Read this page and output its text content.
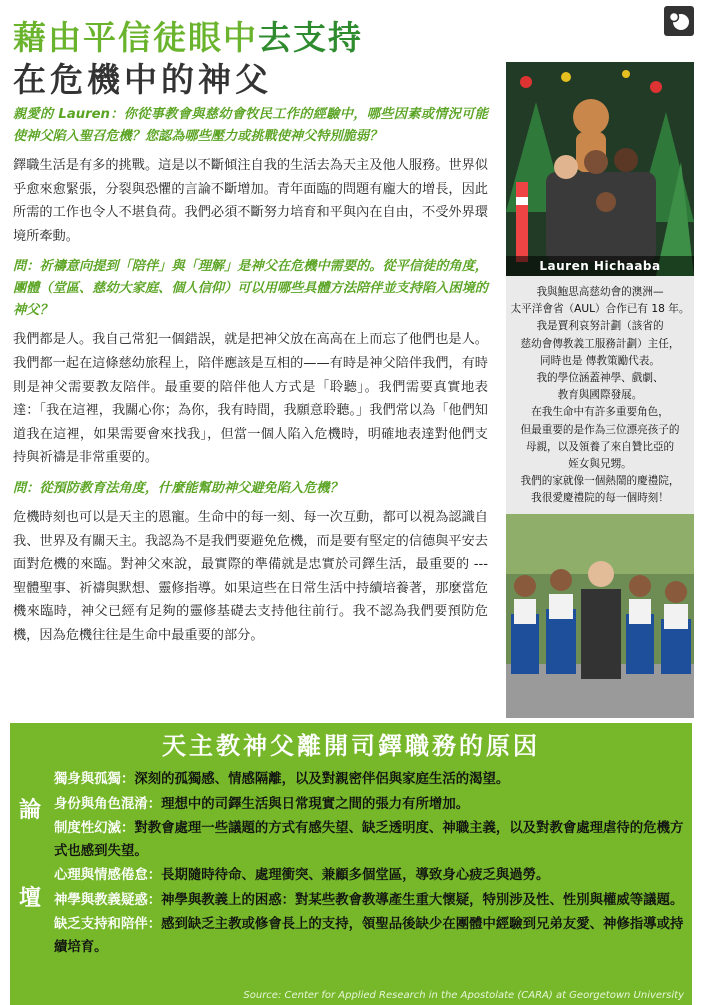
藉由平信徒眼中去支持
在危機中的神父
親愛的 Lauren：你從事教會與慈幼會牧民工作的經驗中，哪些因素或情況可能使神父陷入聖召危機？您認為哪些壓力或挑戰使神父特別脆弱？
鐸職生活是有多的挑戰。這是以不斷傾注自我的生活去為天主及他人服務。世界似乎愈來愈緊張，分裂與恐懼的言論不斷增加。青年面臨的問題有龐大的增長，因此所需的工作也令人不堪負荷。我們必須不斷努力培育和平與內在自由，不受外界環境所牽動。
問：祈禱意向提到「陪伴」與「理解」是神父在危機中需要的。從平信徒的角度，團體（堂區、慈幼大家庭、個人信仰）可以用哪些具體方法陪伴並支持陷入困境的神父？
我們都是人。我自己常犯一個錯誤，就是把神父放在高高在上而忘了他們也是人。我們都一起在這條慈幼旅程上，陪伴應該是互相的——有時是神父陪伴我們，有時則是神父需要教友陪伴。最重要的陪伴他人方式是「聆聽」。我們需要真實地表達：「我在這裡，我關心你；為你，我有時間，我願意聆聽。」我們常以為「他們知道我在這裡，如果需要會來找我」，但當一個人陷入危機時，明確地表達對他們支持與祈禱是非常重要的。
問：從預防教育法角度，什麼能幫助神父避免陷入危機？
危機時刻也可以是天主的恩寵。生命中的每一刻、每一次互動，都可以視為認識自我、世界及有關天主。我認為不是我們要避免危機，而是要有堅定的信德與平安去面對危機的來臨。對神父來說，最實際的準備就是忠實於司鐸生活，最重要的 --- 聖體聖事、祈禱與默想、靈修指導。如果這些在日常生活中持續培養著，那麼當危機來臨時，神父已經有足夠的靈修基礎去支持他往前行。我不認為我們要預防危機，因為危機往往是生命中最重要的部分。
Lauren Hichaaba
我與鮑思高慈幼會的澳洲—
太平洋會省（AUL）合作已有 18 年。
我是賈利哀努計劃（該省的
慈幼會傳教義工服務計劃）主任，
同時也是 傳教策勵代表。
我的學位涵蓋神學、戲劇、
教育與國際發展。
在我生命中有許多重要角色，
但最重要的是作為三位漂亮孩子的
母親，以及領養了來自贊比亞的
姪女與兄甥。
我們的家就像一個熱鬧的慶禮院，
我很愛慶禮院的每一個時刻！
天主教神父離開司鐸職務的原因
論
壇
獨身與孤獨：深刻的孤獨感、情感隔離，以及對親密伴侶與家庭生活的渴望。
身份與角色混淆：理想中的司鐸生活與日常現實之間的張力有所增加。
制度性幻滅：對教會處理一些議題的方式有感失望、缺乏透明度、神職主義，以及對教會處理虐待的危機方式也感到失望。
心理與情感倦怠：長期隨時待命、處理衝突、兼顧多個堂區，導致身心疲乏與過勞。
神學與教義疑惑：神學與教義上的困惑：對某些教會教導產生重大懷疑，特別涉及性、性別與權威等議題。
缺乏支持和陪伴：感到缺乏主教或修會長上的支持，領聖品後缺少在團體中經驗到兄弟友愛、神修指導或持續培育。
Source: Center for Applied Research in the Apostolate (CARA) at Georgetown University
